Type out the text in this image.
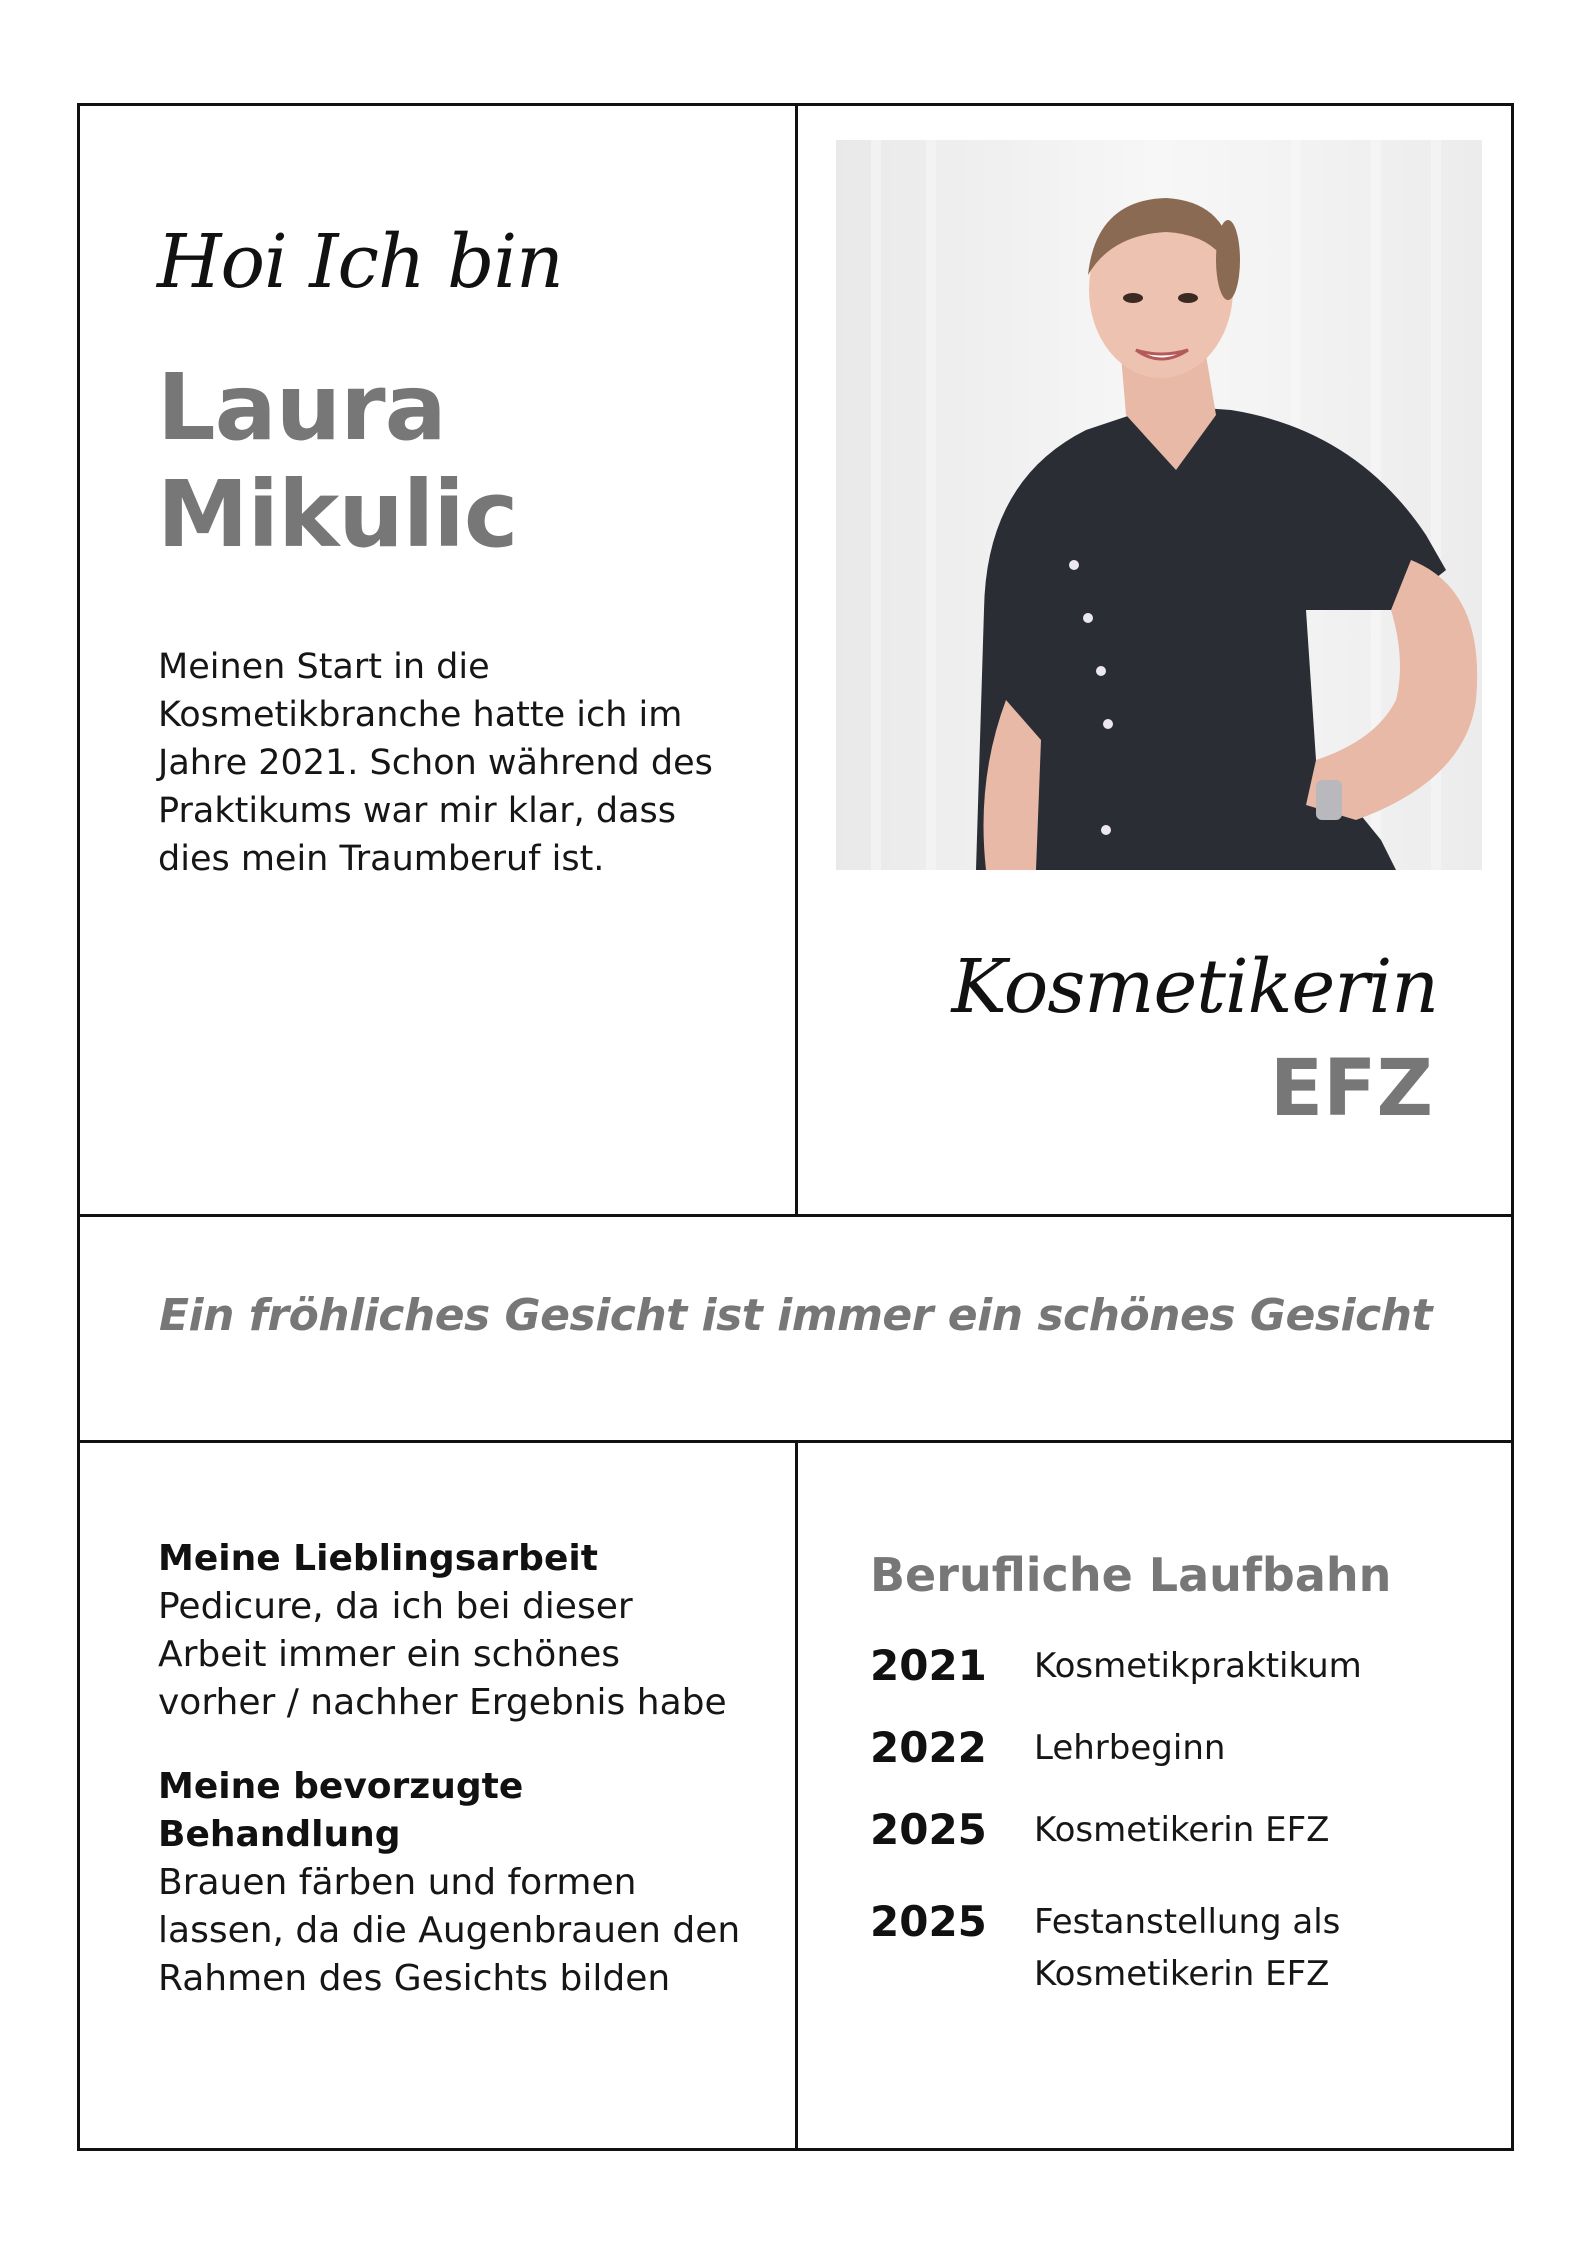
Hoi Ich bin
Laura
Mikulic
Meinen Start in die Kosmetikbranche hatte ich im Jahre 2021. Schon während des Praktikums war mir klar, dass dies mein Traumberuf ist.
Kosmetikerin
EFZ
Ein fröhliches Gesicht ist immer ein schönes Gesicht
Meine Lieblingsarbeit
Pedicure, da ich bei dieser Arbeit immer ein schönes vorher / nachher Ergebnis habe
Meine bevorzugte Behandlung
Brauen färben und formen lassen, da die Augenbrauen den Rahmen des Gesichts bilden
Berufliche Laufbahn
2021	Kosmetikpraktikum
2022	Lehrbeginn
2025	Kosmetikerin EFZ
2025	Festanstellung als Kosmetikerin EFZ
